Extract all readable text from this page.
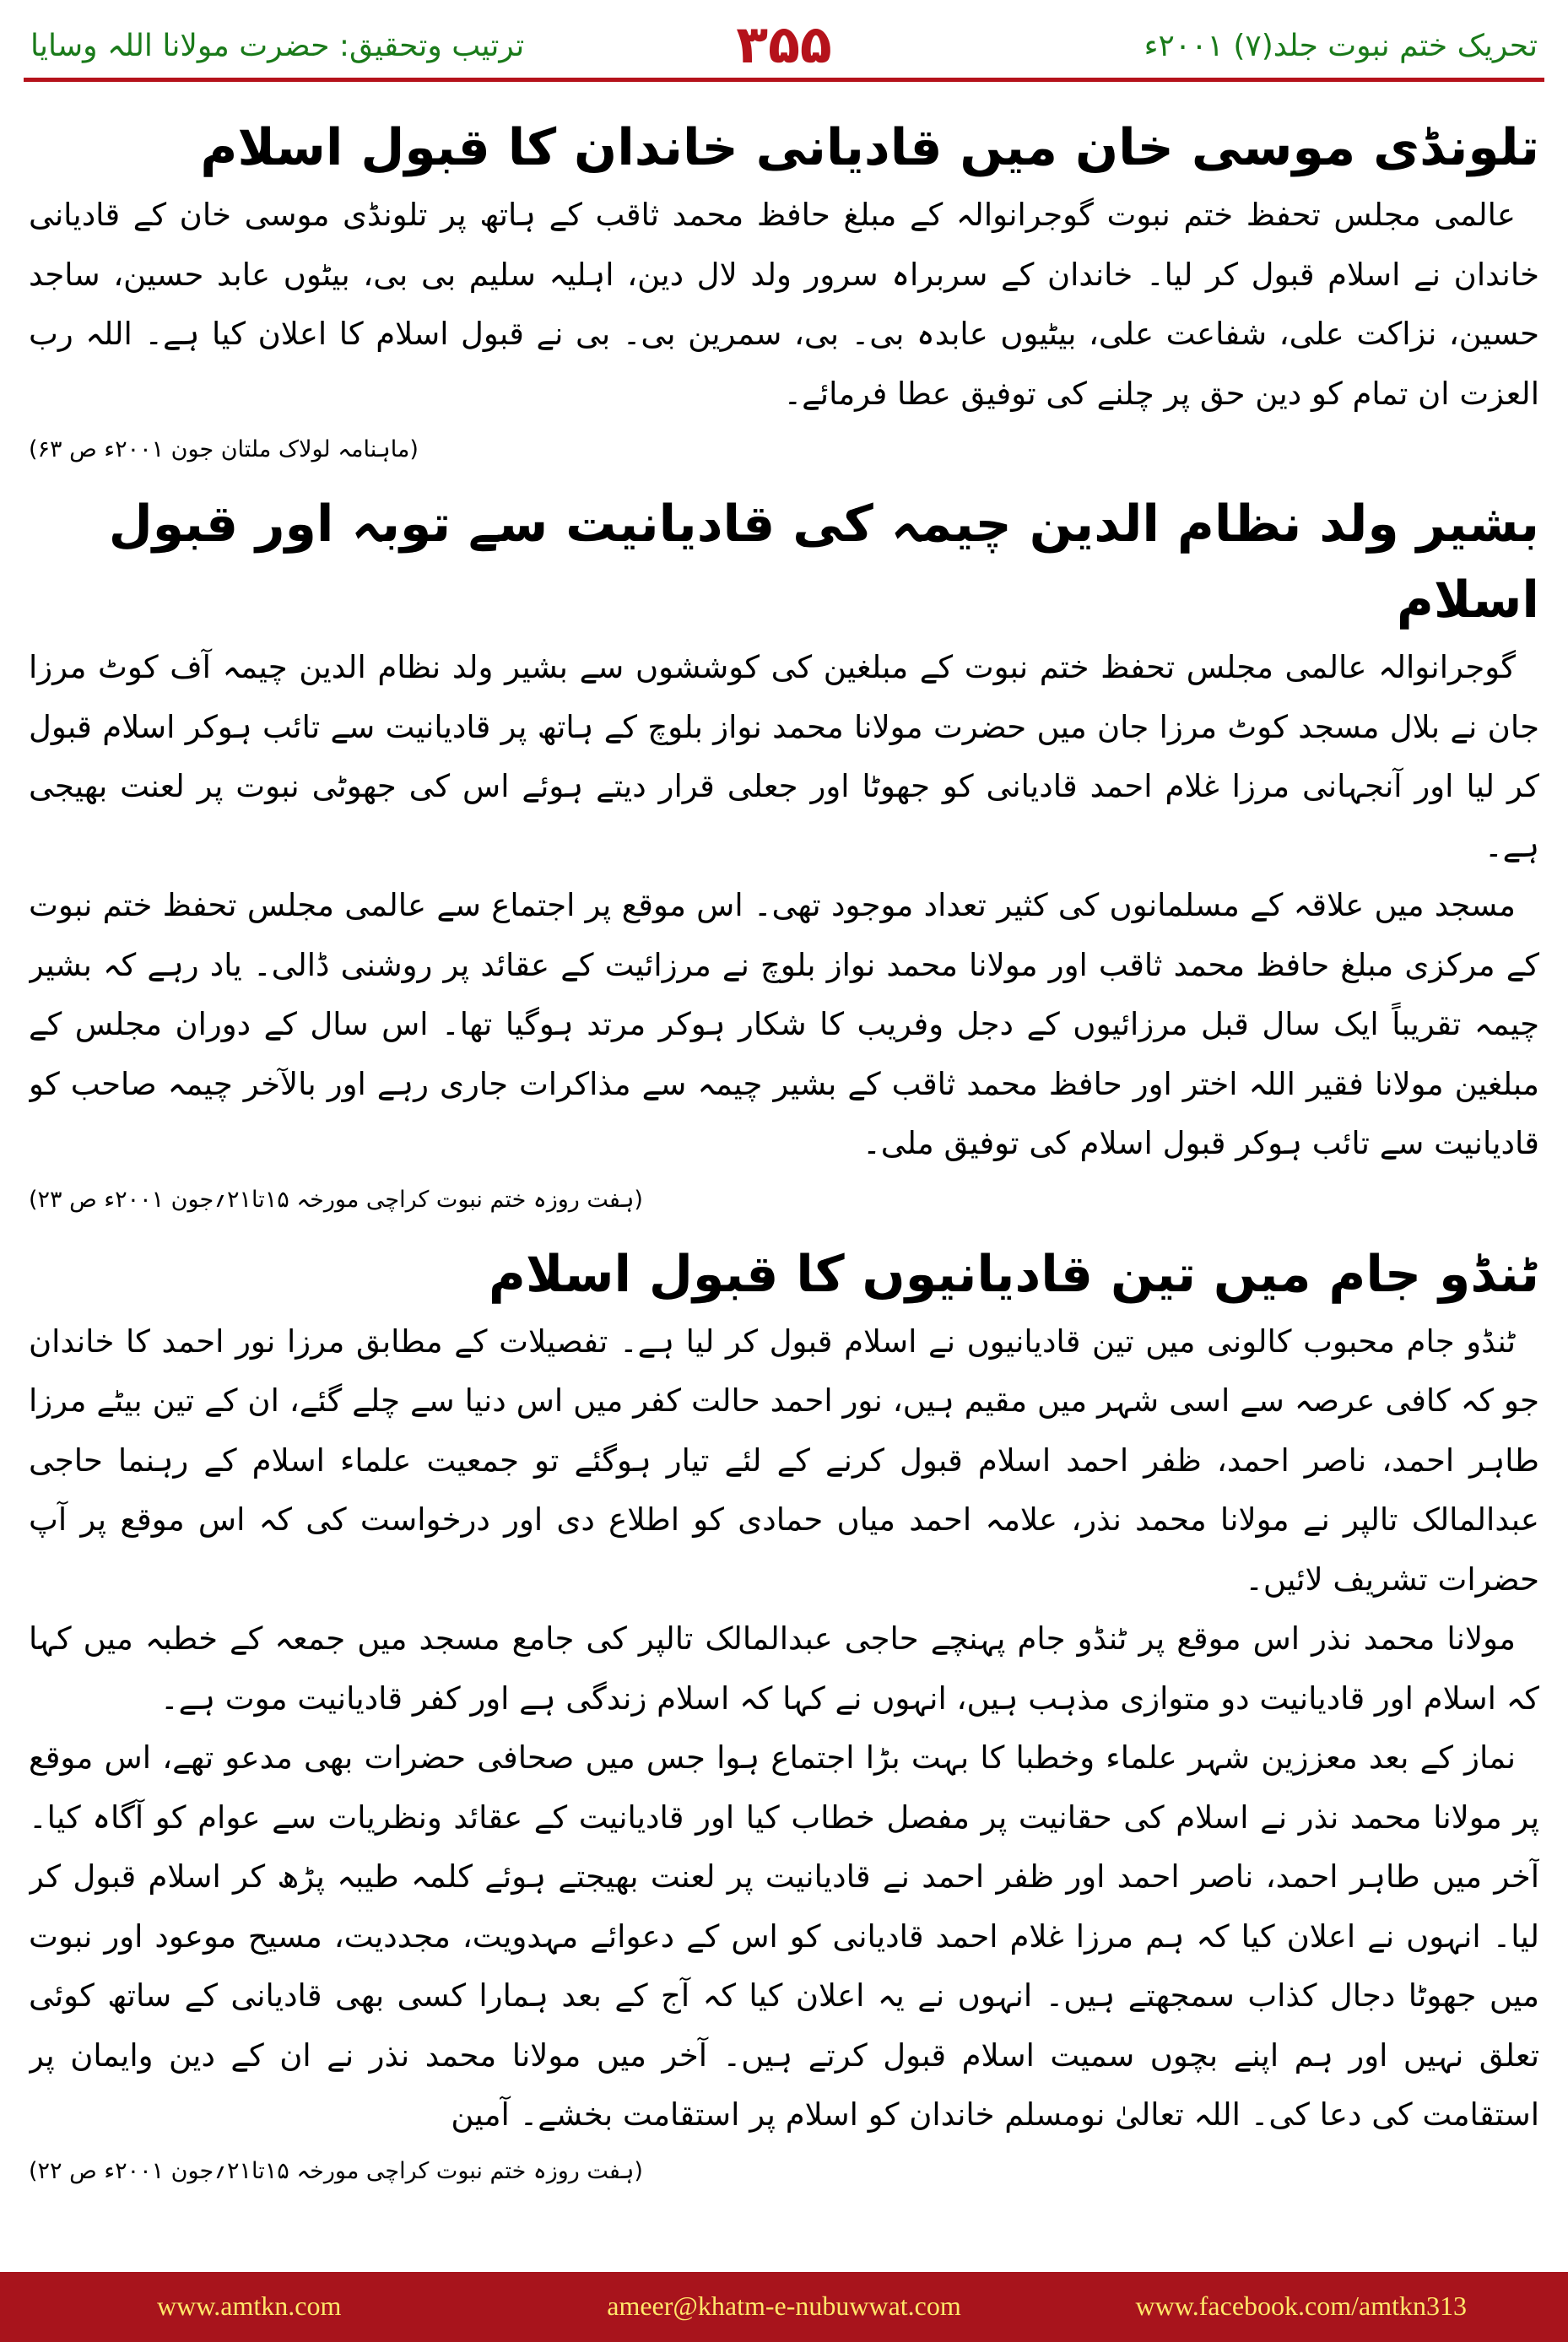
ترتیب وتحقیق: حضرت مولانا اللہ وسایا	۳۵۵	تحریک ختم نبوت جلد(۷) ۲۰۰۱ء
تلونڈی موسی خان میں قادیانی خاندان کا قبول اسلام

عالمی مجلس تحفظ ختم نبوت گوجرانوالہ کے مبلغ حافظ محمد ثاقب کے ہاتھ پر تلونڈی موسی خان کے قادیانی خاندان نے اسلام قبول کر لیا۔ خاندان کے سربراہ سرور ولد لال دین، اہلیہ سلیم بی بی، بیٹوں عابد حسین، ساجد حسین، نزاکت علی، شفاعت علی، بیٹیوں عابدہ بی۔ بی، سمرین بی۔ بی نے قبول اسلام کا اعلان کیا ہے۔ اللہ رب العزت ان تمام کو دین حق پر چلنے کی توفیق عطا فرمائے۔

(ماہنامہ لولاک ملتان جون ۲۰۰۱ء ص ۶۳)

بشیر ولد نظام الدین چیمہ کی قادیانیت سے توبہ اور قبول اسلام

گوجرانوالہ عالمی مجلس تحفظ ختم نبوت کے مبلغین کی کوششوں سے بشیر ولد نظام الدین چیمہ آف کوٹ مرزا جان نے بلال مسجد کوٹ مرزا جان میں حضرت مولانا محمد نواز بلوچ کے ہاتھ پر قادیانیت سے تائب ہوکر اسلام قبول کر لیا اور آنجہانی مرزا غلام احمد قادیانی کو جھوٹا اور جعلی قرار دیتے ہوئے اس کی جھوٹی نبوت پر لعنت بھیجی ہے۔

مسجد میں علاقہ کے مسلمانوں کی کثیر تعداد موجود تھی۔ اس موقع پر اجتماع سے عالمی مجلس تحفظ ختم نبوت کے مرکزی مبلغ حافظ محمد ثاقب اور مولانا محمد نواز بلوچ نے مرزائیت کے عقائد پر روشنی ڈالی۔ یاد رہے کہ بشیر چیمہ تقریباً ایک سال قبل مرزائیوں کے دجل وفریب کا شکار ہوکر مرتد ہوگیا تھا۔ اس سال کے دوران مجلس کے مبلغین مولانا فقیر اللہ اختر اور حافظ محمد ثاقب کے بشیر چیمہ سے مذاکرات جاری رہے اور بالآخر چیمہ صاحب کو قادیانیت سے تائب ہوکر قبول اسلام کی توفیق ملی۔

(ہفت روزہ ختم نبوت کراچی مورخہ ۱۵تا۲۱؍جون ۲۰۰۱ء ص ۲۳)

ٹنڈو جام میں تین قادیانیوں کا قبول اسلام

ٹنڈو جام محبوب کالونی میں تین قادیانیوں نے اسلام قبول کر لیا ہے۔ تفصیلات کے مطابق مرزا نور احمد کا خاندان جو کہ کافی عرصہ سے اسی شہر میں مقیم ہیں، نور احمد حالت کفر میں اس دنیا سے چلے گئے، ان کے تین بیٹے مرزا طاہر احمد، ناصر احمد، ظفر احمد اسلام قبول کرنے کے لئے تیار ہوگئے تو جمعیت علماء اسلام کے رہنما حاجی عبدالمالک تالپر نے مولانا محمد نذر، علامہ احمد میاں حمادی کو اطلاع دی اور درخواست کی کہ اس موقع پر آپ حضرات تشریف لائیں۔

مولانا محمد نذر اس موقع پر ٹنڈو جام پہنچے حاجی عبدالمالک تالپر کی جامع مسجد میں جمعہ کے خطبہ میں کہا کہ اسلام اور قادیانیت دو متوازی مذہب ہیں، انہوں نے کہا کہ اسلام زندگی ہے اور کفر قادیانیت موت ہے۔

نماز کے بعد معززین شہر علماء وخطبا کا بہت بڑا اجتماع ہوا جس میں صحافی حضرات بھی مدعو تھے، اس موقع پر مولانا محمد نذر نے اسلام کی حقانیت پر مفصل خطاب کیا اور قادیانیت کے عقائد ونظریات سے عوام کو آگاہ کیا۔ آخر میں طاہر احمد، ناصر احمد اور ظفر احمد نے قادیانیت پر لعنت بھیجتے ہوئے کلمہ طیبہ پڑھ کر اسلام قبول کر لیا۔ انہوں نے اعلان کیا کہ ہم مرزا غلام احمد قادیانی کو اس کے دعوائے مہدویت، مجددیت، مسیح موعود اور نبوت میں جھوٹا دجال کذاب سمجھتے ہیں۔ انہوں نے یہ اعلان کیا کہ آج کے بعد ہمارا کسی بھی قادیانی کے ساتھ کوئی تعلق نہیں اور ہم اپنے بچوں سمیت اسلام قبول کرتے ہیں۔ آخر میں مولانا محمد نذر نے ان کے دین وایمان پر استقامت کی دعا کی۔ اللہ تعالیٰ نومسلم خاندان کو اسلام پر استقامت بخشے۔ آمین

(ہفت روزہ ختم نبوت کراچی مورخہ ۱۵تا۲۱؍جون ۲۰۰۱ء ص ۲۲)

www.amtkn.com	ameer@khatm-e-nubuwwat.com	www.facebook.com/amtkn313
